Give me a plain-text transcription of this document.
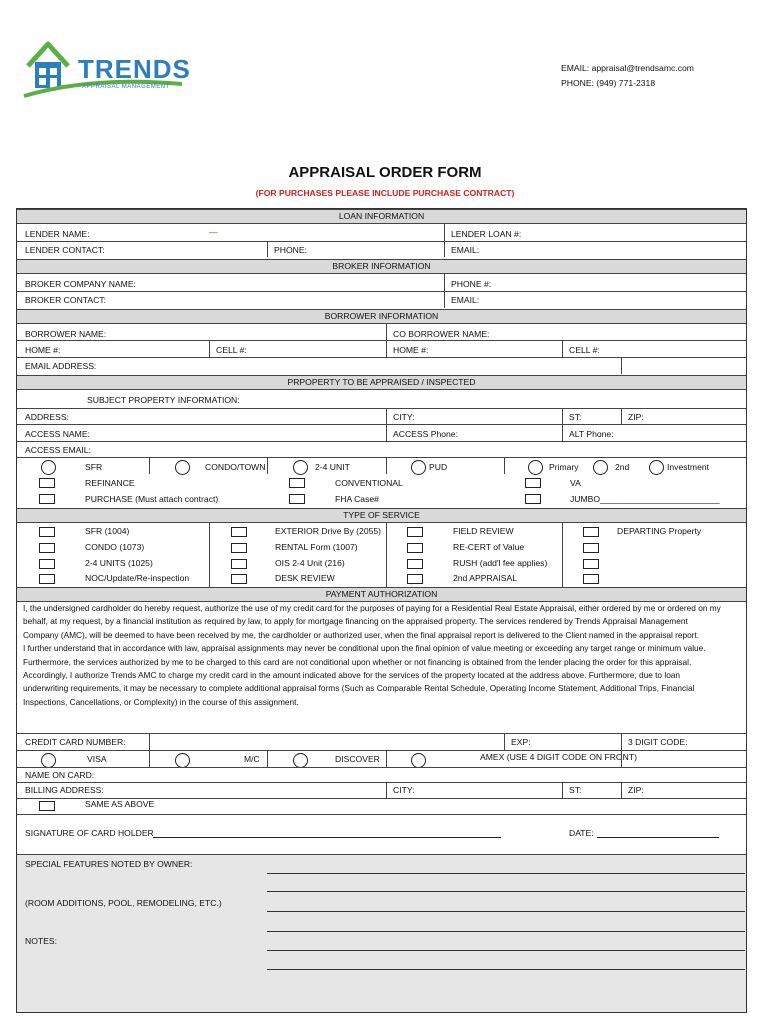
TRENDS
APPRAISAL MANAGEMENT
EMAIL: appraisal@trendsamc.com
PHONE: (949) 771-2318
APPRAISAL ORDER FORM
(FOR PURCHASES PLEASE INCLUDE PURCHASE CONTRACT)
LOAN INFORMATION
LENDER NAME:	—	LENDER LOAN #:
LENDER CONTACT:	PHONE:	EMAIL:
BROKER INFORMATION
BROKER COMPANY NAME:	PHONE #:
BROKER CONTACT:	EMAIL:
BORROWER INFORMATION
BORROWER NAME:	CO BORROWER NAME:
HOME #:	CELL #:	HOME #:	CELL #:
EMAIL ADDRESS:
PRPOPERTY TO BE APPRAISED / INSPECTED
SUBJECT PROPERTY INFORMATION:
ADDRESS:	CITY:	ST:	ZIP:
ACCESS NAME:	ACCESS Phone:	ALT Phone:
ACCESS EMAIL:
SFR	CONDO/TOWN	2-4 UNIT	PUD	Primary	2nd	Investment
REFINANCE	CONVENTIONAL	VA
PURCHASE (Must attach contract)	FHA Case#	JUMBO_________________________
TYPE OF SERVICE
SFR (1004)	EXTERIOR Drive By (2055)	FIELD REVIEW	DEPARTING Property
CONDO (1073)	RENTAL Form (1007)	RE-CERT of Value
2-4 UNITS (1025)	OIS 2-4 Unit (216)	RUSH (add'l fee applies)
NOC/Update/Re-inspection	DESK REVIEW	2nd APPRAISAL
PAYMENT AUTHORIZATION
I, the undersigned cardholder do hereby request, authorize the use of my credit card for the purposes of paying for a Residential Real Estate Appraisal, either ordered by me or ordered on my
behalf, at my request, by a financial institution as required by law, to apply for mortgage financing on the appraised property. The services rendered by Trends Appraisal Management
Company (AMC), will be deemed to have been received by me, the cardholder or authorized user, when the final appraisal report is delivered to the Client named in the appraisal report.
I further understand that in accordance with law, appraisal assignments may never be conditional upon the final opinion of value meeting or exceeding any target range or minimum value.
Furthermore, the services authorized by me to be charged to this card are not conditional upon whether or not financing is obtained from the lender placing the order for this appraisal.
Accordingly, I authorize Trends AMC to charge my credit card in the amount indicated above for the services of the property located at the address above. Furthermore, due to loan
underwriting requirements, it may be necessary to complete additional appraisal forms (Such as Comparable Rental Schedule, Operating Income Statement, Additional Trips, Financial
Inspections, Cancellations, or Complexity) in the course of this assignment.
CREDIT CARD NUMBER:	EXP:	3 DIGIT CODE:
VISA	M/C	DISCOVER	AMEX (USE 4 DIGIT CODE ON FRONT)
NAME ON CARD:
BILLING ADDRESS:	CITY:	ST:	ZIP:
SAME AS ABOVE
SIGNATURE OF CARD HOLDER	DATE:
SPECIAL FEATURES NOTED BY OWNER:
(ROOM ADDITIONS, POOL, REMODELING, ETC.)
NOTES:
